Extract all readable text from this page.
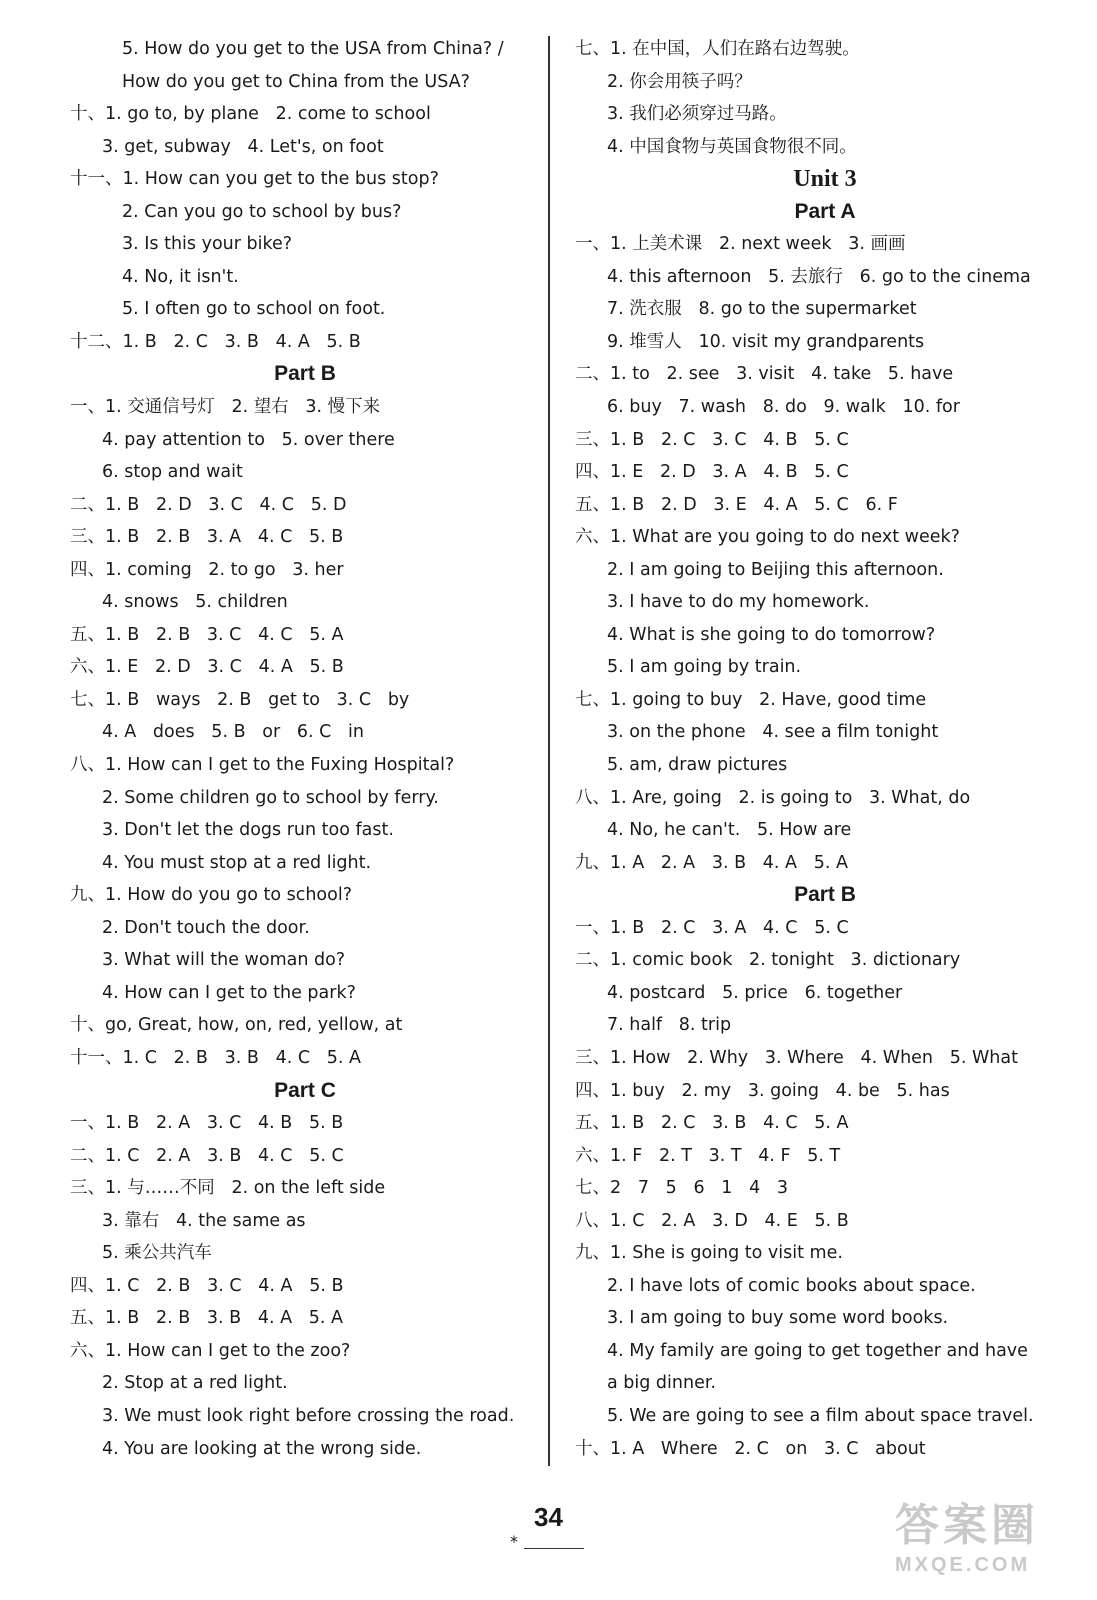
5. How do you get to the USA from China? /
How do you get to China from the USA?
十、1. go to, by plane   2. come to school
3. get, subway   4. Let's, on foot
十一、1. How can you get to the bus stop?
2. Can you go to school by bus?
3. Is this your bike?
4. No, it isn't.
5. I often go to school on foot.
十二、1. B   2. C   3. B   4. A   5. B
Part B
一、1. 交通信号灯   2. 望右   3. 慢下来
4. pay attention to   5. over there
6. stop and wait
二、1. B   2. D   3. C   4. C   5. D
三、1. B   2. B   3. A   4. C   5. B
四、1. coming   2. to go   3. her
4. snows   5. children
五、1. B   2. B   3. C   4. C   5. A
六、1. E   2. D   3. C   4. A   5. B
七、1. B   ways   2. B   get to   3. C   by
4. A   does   5. B   or   6. C   in
八、1. How can I get to the Fuxing Hospital?
2. Some children go to school by ferry.
3. Don't let the dogs run too fast.
4. You must stop at a red light.
九、1. How do you go to school?
2. Don't touch the door.
3. What will the woman do?
4. How can I get to the park?
十、go, Great, how, on, red, yellow, at
十一、1. C   2. B   3. B   4. C   5. A
Part C
一、1. B   2. A   3. C   4. B   5. B
二、1. C   2. A   3. B   4. C   5. C
三、1. 与……不同   2. on the left side
3. 靠右   4. the same as
5. 乘公共汽车
四、1. C   2. B   3. C   4. A   5. B
五、1. B   2. B   3. B   4. A   5. A
六、1. How can I get to the zoo?
2. Stop at a red light.
3. We must look right before crossing the road.
4. You are looking at the wrong side.
七、1. 在中国，人们在路右边驾驶。
2. 你会用筷子吗？
3. 我们必须穿过马路。
4. 中国食物与英国食物很不同。
Unit 3
Part A
一、1. 上美术课   2. next week   3. 画画
4. this afternoon   5. 去旅行   6. go to the cinema
7. 洗衣服   8. go to the supermarket
9. 堆雪人   10. visit my grandparents
二、1. to   2. see   3. visit   4. take   5. have
6. buy   7. wash   8. do   9. walk   10. for
三、1. B   2. C   3. C   4. B   5. C
四、1. E   2. D   3. A   4. B   5. C
五、1. B   2. D   3. E   4. A   5. C   6. F
六、1. What are you going to do next week?
2. I am going to Beijing this afternoon.
3. I have to do my homework.
4. What is she going to do tomorrow?
5. I am going by train.
七、1. going to buy   2. Have, good time
3. on the phone   4. see a film tonight
5. am, draw pictures
八、1. Are, going   2. is going to   3. What, do
4. No, he can't.   5. How are
九、1. A   2. A   3. B   4. A   5. A
Part B
一、1. B   2. C   3. A   4. C   5. C
二、1. comic book   2. tonight   3. dictionary
4. postcard   5. price   6. together
7. half   8. trip
三、1. How   2. Why   3. Where   4. When   5. What
四、1. buy   2. my   3. going   4. be   5. has
五、1. B   2. C   3. B   4. C   5. A
六、1. F   2. T   3. T   4. F   5. T
七、2   7   5   6   1   4   3
八、1. C   2. A   3. D   4. E   5. B
九、1. She is going to visit me.
2. I have lots of comic books about space.
3. I am going to buy some word books.
4. My family are going to get together and have
a big dinner.
5. We are going to see a film about space travel.
十、1. A   Where   2. C   on   3. C   about
34
*	答案圈
MXQE.COM
